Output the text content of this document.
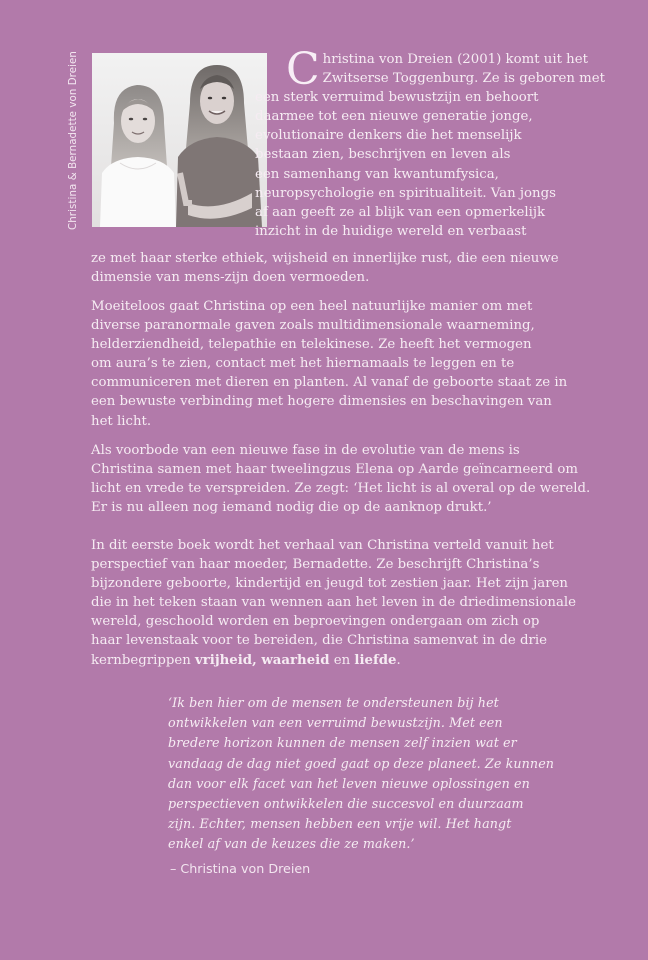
Christina & Bernadette von Dreien	C hristina von Dreien (2001) komt uit het
Zwitserse Toggenburg. Ze is geboren met
een sterk verruimd bewustzijn en behoort
daarmee tot een nieuwe generatie jonge,
evolutionaire denkers die het menselijk
bestaan zien, beschrijven en leven als
een samenhang van kwantumfysica,
neuropsychologie en spiritualiteit. Van jongs
af aan geeft ze al blijk van een opmerkelijk
inzicht in de huidige wereld en verbaast
ze met haar sterke ethiek, wijsheid en innerlijke rust, die een nieuwe
dimensie van mens-zijn doen vermoeden.
Moeiteloos gaat Christina op een heel natuurlijke manier om met
diverse paranormale gaven zoals multidimensionale waarneming,
helderziendheid, telepathie en telekinese. Ze heeft het vermogen
om aura’s te zien, contact met het hiernamaals te leggen en te
communiceren met dieren en planten. Al vanaf de geboorte staat ze in
een bewuste verbinding met hogere dimensies en beschavingen van
het licht.
Als voorbode van een nieuwe fase in de evolutie van de mens is
Christina samen met haar tweelingzus Elena op Aarde geïncarneerd om
licht en vrede te verspreiden. Ze zegt: ‘Het licht is al overal op de wereld.
Er is nu alleen nog iemand nodig die op de aanknop drukt.’
In dit eerste boek wordt het verhaal van Christina verteld vanuit het
perspectief van haar moeder, Bernadette. Ze beschrijft Christina’s
bijzondere geboorte, kindertijd en jeugd tot zestien jaar. Het zijn jaren
die in het teken staan van wennen aan het leven in de driedimensionale
wereld, geschoold worden en beproevingen ondergaan om zich op
haar levenstaak voor te bereiden, die Christina samenvat in de drie
kernbegrippen vrijheid, waarheid en liefde.
‘Ik ben hier om de mensen te ondersteunen bij het
ontwikkelen van een verruimd bewustzijn. Met een
bredere horizon kunnen de mensen zelf inzien wat er
vandaag de dag niet goed gaat op deze planeet. Ze kunnen
dan voor elk facet van het leven nieuwe oplossingen en
perspectieven ontwikkelen die succesvol en duurzaam
zijn. Echter, mensen hebben een vrije wil. Het hangt
enkel af van de keuzes die ze maken.’
– Christina von Dreien
